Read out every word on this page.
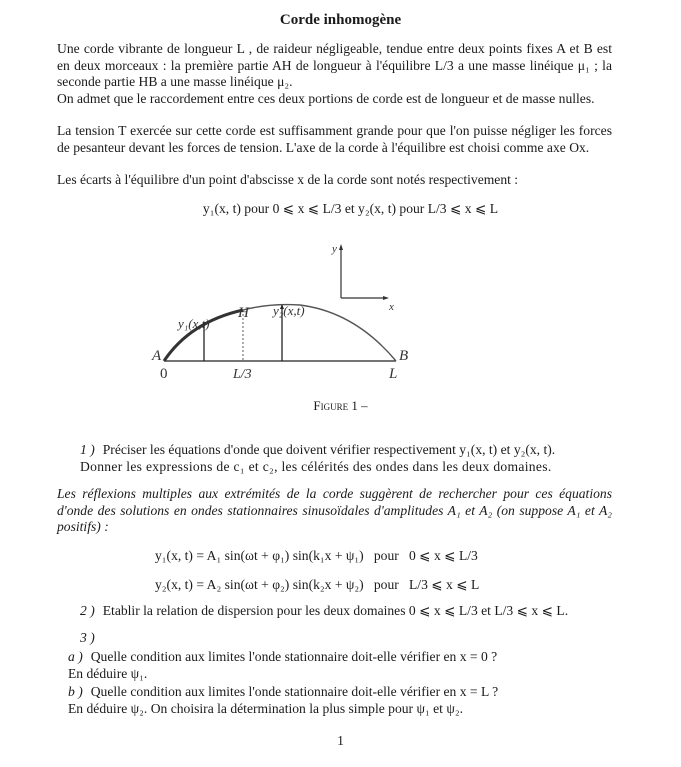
Corde inhomogène
Une corde vibrante de longueur L , de raideur négligeable, tendue entre deux points fixes A et B est en deux morceaux : la première partie AH de longueur à l'équilibre L/3 a une masse linéique μ₁ ; la seconde partie HB a une masse linéique μ₂.
On admet que le raccordement entre ces deux portions de corde est de longueur et de masse nulles.
La tension T exercée sur cette corde est suffisamment grande pour que l'on puisse négliger les forces de pesanteur devant les forces de tension. L'axe de la corde à l'équilibre est choisi comme axe Ox.
Les écarts à l'équilibre d'un point d'abscisse x de la corde sont notés respectivement :
y₁(x, t) pour 0 ⩽ x ⩽ L/3 et y₂(x, t) pour L/3 ⩽ x ⩽ L
y
x
A
0	L/3	L
B
H
y₁(x,t)
y₂(x,t)
Figure 1 –
1 ) Préciser les équations d'onde que doivent vérifier respectivement y₁(x, t) et y₂(x, t).
Donner les expressions de c₁ et c₂, les célérités des ondes dans les deux domaines.
Les réflexions multiples aux extrémités de la corde suggèrent de rechercher pour ces équations d'onde des solutions en ondes stationnaires sinusoïdales d'amplitudes A₁ et A₂ (on suppose A₁ et A₂ positifs) :
y₁(x, t) = A₁ sin(ωt + φ₁) sin(k₁x + ψ₁)   pour   0 ⩽ x ⩽ L/3
y₂(x, t) = A₂ sin(ωt + φ₂) sin(k₂x + ψ₂)   pour   L/3 ⩽ x ⩽ L
2 ) Etablir la relation de dispersion pour les deux domaines 0 ⩽ x ⩽ L/3 et L/3 ⩽ x ⩽ L.
3 )
a ) Quelle condition aux limites l'onde stationnaire doit-elle vérifier en x = 0 ?
En déduire ψ₁.
b ) Quelle condition aux limites l'onde stationnaire doit-elle vérifier en x = L ?
En déduire ψ₂. On choisira la détermination la plus simple pour ψ₁ et ψ₂.
1
